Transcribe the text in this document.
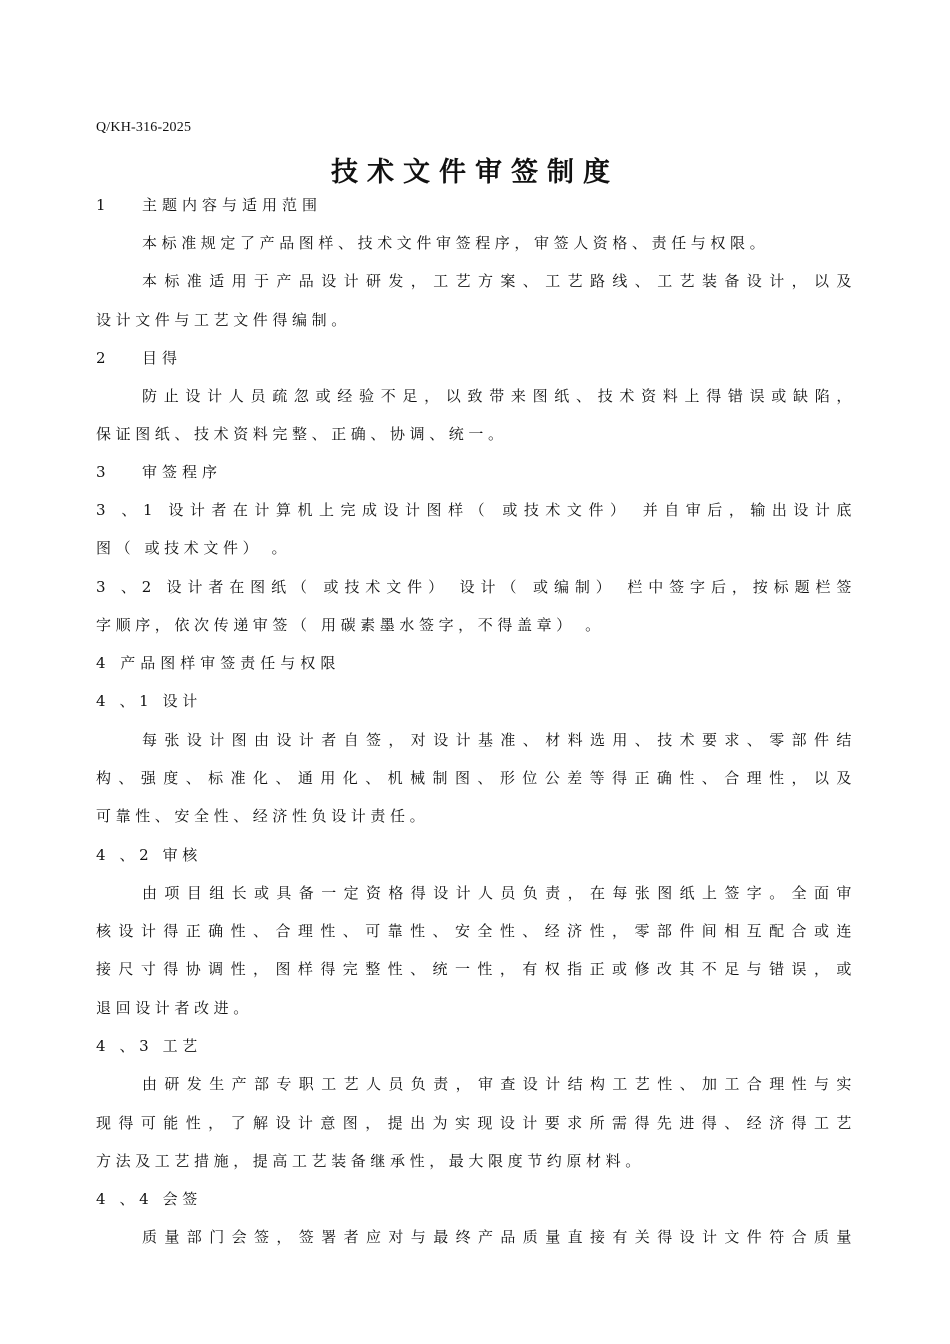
Q/KH-316-2025
技术文件审签制度
1 主题内容与适用范围
本标准规定了产品图样、技术文件审签程序，审签人资格、责任与权限。
本标准适用于产品设计研发，工艺方案、工艺路线、工艺装备设计，以及
设计文件与工艺文件得编制。
2 目得
防止设计人员疏忽或经验不足，以致带来图纸、技术资料上得错误或缺陷，
保证图纸、技术资料完整、正确、协调、统一。
3 审签程序
3 、1 设计者在计算机上完成设计图样（ 或技术文件） 并自审后，输出设计底
图（ 或技术文件） 。
3 、2 设计者在图纸（ 或技术文件） 设计（ 或编制） 栏中签字后，按标题栏签
字顺序，依次传递审签（ 用碳素墨水签字，不得盖章） 。
4 产品图样审签责任与权限
4 、1 设计
每张设计图由设计者自签，对设计基准、材料选用、技术要求、零部件结
构、强度、标准化、通用化、机械制图、形位公差等得正确性、合理性，以及
可靠性、安全性、经济性负设计责任。
4 、2 审核
由项目组长或具备一定资格得设计人员负责，在每张图纸上签字。全面审
核设计得正确性、合理性、可靠性、安全性、经济性，零部件间相互配合或连
接尺寸得协调性，图样得完整性、统一性，有权指正或修改其不足与错误，或
退回设计者改进。
4 、3 工艺
由研发生产部专职工艺人员负责，审查设计结构工艺性、加工合理性与实
现得可能性，了解设计意图，提出为实现设计要求所需得先进得、经济得工艺
方法及工艺措施，提高工艺装备继承性，最大限度节约原材料。
4 、4 会签
质量部门会签，签署者应对与最终产品质量直接有关得设计文件符合质量
